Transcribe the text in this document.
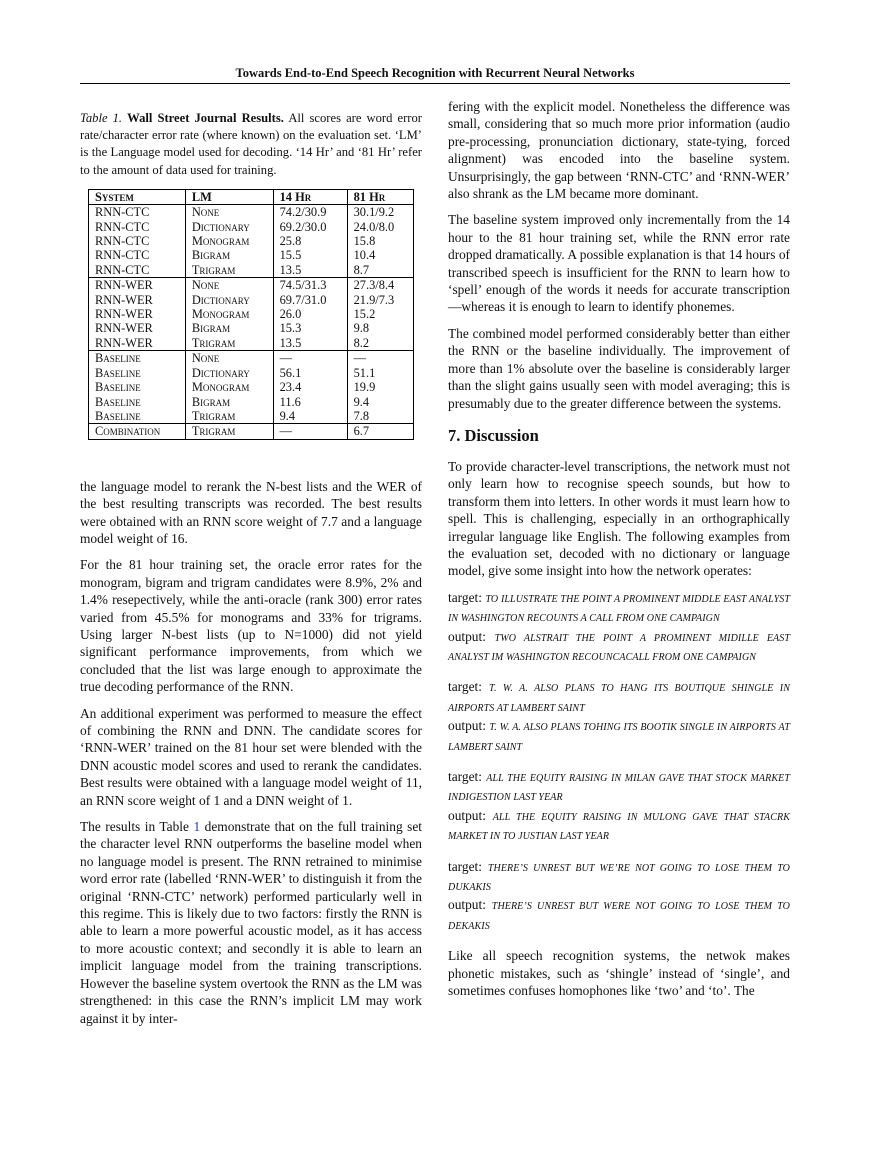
Towards End-to-End Speech Recognition with Recurrent Neural Networks
Table 1. Wall Street Journal Results. All scores are word error rate/character error rate (where known) on the evaluation set. ‘LM’ is the Language model used for decoding. ‘14 Hr’ and ‘81 Hr’ refer to the amount of data used for training.
System	LM	14 Hr	81 Hr
RNN-CTC	None	74.2/30.9	30.1/9.2
RNN-CTC	Dictionary	69.2/30.0	24.0/8.0
RNN-CTC	Monogram	25.8	15.8
RNN-CTC	Bigram	15.5	10.4
RNN-CTC	Trigram	13.5	8.7
RNN-WER	None	74.5/31.3	27.3/8.4
RNN-WER	Dictionary	69.7/31.0	21.9/7.3
RNN-WER	Monogram	26.0	15.2
RNN-WER	Bigram	15.3	9.8
RNN-WER	Trigram	13.5	8.2
Baseline	None	—	—
Baseline	Dictionary	56.1	51.1
Baseline	Monogram	23.4	19.9
Baseline	Bigram	11.6	9.4
Baseline	Trigram	9.4	7.8
Combination	Trigram	—	6.7

the language model to rerank the N-best lists and the WER of the best resulting transcripts was recorded. The best results were obtained with an RNN score weight of 7.7 and a language model weight of 16.

For the 81 hour training set, the oracle error rates for the monogram, bigram and trigram candidates were 8.9%, 2% and 1.4% resepectively, while the anti-oracle (rank 300) error rates varied from 45.5% for monograms and 33% for trigrams. Using larger N-best lists (up to N=1000) did not yield significant performance improvements, from which we concluded that the list was large enough to approximate the true decoding performance of the RNN.

An additional experiment was performed to measure the effect of combining the RNN and DNN. The candidate scores for ‘RNN-WER’ trained on the 81 hour set were blended with the DNN acoustic model scores and used to rerank the candidates. Best results were obtained with a language model weight of 11, an RNN score weight of 1 and a DNN weight of 1.

The results in Table 1 demonstrate that on the full training set the character level RNN outperforms the baseline model when no language model is present. The RNN retrained to minimise word error rate (labelled ‘RNN-WER’ to distinguish it from the original ‘RNN-CTC’ network) performed particularly well in this regime. This is likely due to two factors: firstly the RNN is able to learn a more powerful acoustic model, as it has access to more acoustic context; and secondly it is able to learn an implicit language model from the training transcriptions. However the baseline system overtook the RNN as the LM was strengthened: in this case the RNN’s implicit LM may work against it by inter-

fering with the explicit model. Nonetheless the difference was small, considering that so much more prior information (audio pre-processing, pronunciation dictionary, state-tying, forced alignment) was encoded into the baseline system. Unsurprisingly, the gap between ‘RNN-CTC’ and ‘RNN-WER’ also shrank as the LM became more dominant.

The baseline system improved only incrementally from the 14 hour to the 81 hour training set, while the RNN error rate dropped dramatically. A possible explanation is that 14 hours of transcribed speech is insufficient for the RNN to learn how to ‘spell’ enough of the words it needs for accurate transcription—whereas it is enough to learn to identify phonemes.

The combined model performed considerably better than either the RNN or the baseline individually. The improvement of more than 1% absolute over the baseline is considerably larger than the slight gains usually seen with model averaging; this is presumably due to the greater difference between the systems.

7. Discussion

To provide character-level transcriptions, the network must not only learn how to recognise speech sounds, but how to transform them into letters. In other words it must learn how to spell. This is challenging, especially in an orthographically irregular language like English. The following examples from the evaluation set, decoded with no dictionary or language model, give some insight into how the network operates:

target: TO ILLUSTRATE THE POINT A PROMINENT MIDDLE EAST ANALYST IN WASHINGTON RECOUNTS A CALL FROM ONE CAMPAIGN
output: TWO ALSTRAIT THE POINT A PROMINENT MIDILLE EAST ANALYST IM WASHINGTON RECOUNCACALL FROM ONE CAMPAIGN
target: T. W. A. ALSO PLANS TO HANG ITS BOUTIQUE SHINGLE IN AIRPORTS AT LAMBERT SAINT
output: T. W. A. ALSO PLANS TOHING ITS BOOTIK SINGLE IN AIRPORTS AT LAMBERT SAINT
target: ALL THE EQUITY RAISING IN MILAN GAVE THAT STOCK MARKET INDIGESTION LAST YEAR
output: ALL THE EQUITY RAISING IN MULONG GAVE THAT STACRK MARKET IN TO JUSTIAN LAST YEAR
target: THERE’S UNREST BUT WE’RE NOT GOING TO LOSE THEM TO DUKAKIS
output: THERE’S UNREST BUT WERE NOT GOING TO LOSE THEM TO DEKAKIS

Like all speech recognition systems, the netwok makes phonetic mistakes, such as ‘shingle’ instead of ‘single’, and sometimes confuses homophones like ‘two’ and ‘to’. The
